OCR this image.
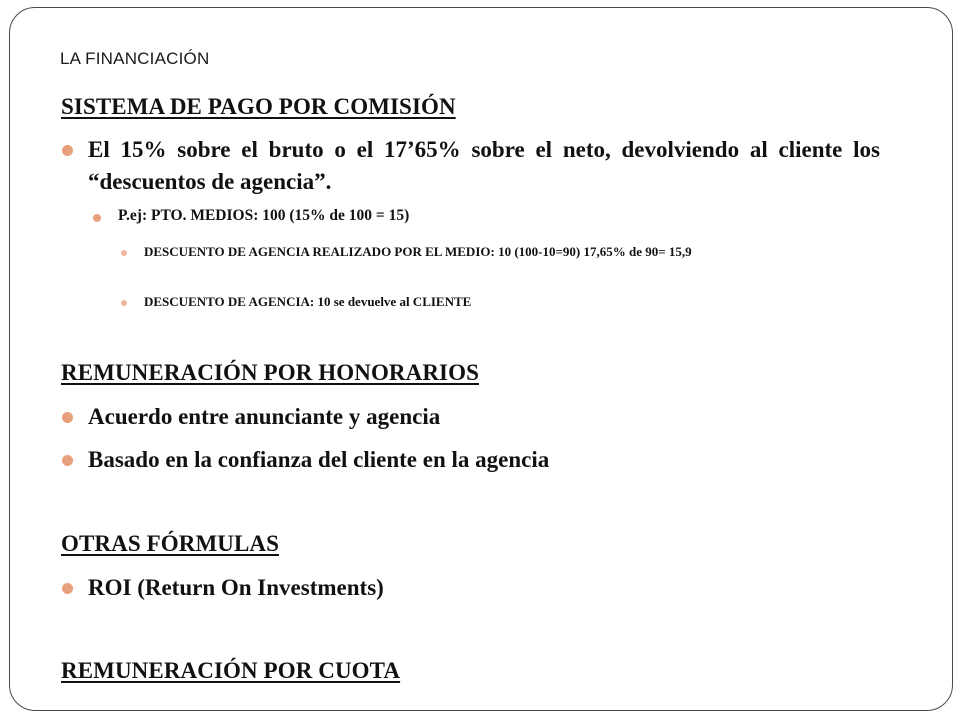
LA FINANCIACIÓN
SISTEMA DE PAGO POR COMISIÓN
El 15% sobre el bruto o el 17’65% sobre el neto, devolviendo al cliente los “descuentos de agencia”.
P.ej: PTO. MEDIOS: 100 (15% de 100 = 15)
DESCUENTO DE AGENCIA REALIZADO POR EL MEDIO: 10 (100-10=90) 17,65% de 90= 15,9
DESCUENTO DE AGENCIA: 10 se devuelve al CLIENTE
REMUNERACIÓN POR HONORARIOS
Acuerdo entre anunciante y agencia
Basado en la confianza del cliente en la agencia
OTRAS FÓRMULAS
ROI (Return On Investments)
REMUNERACIÓN POR CUOTA
